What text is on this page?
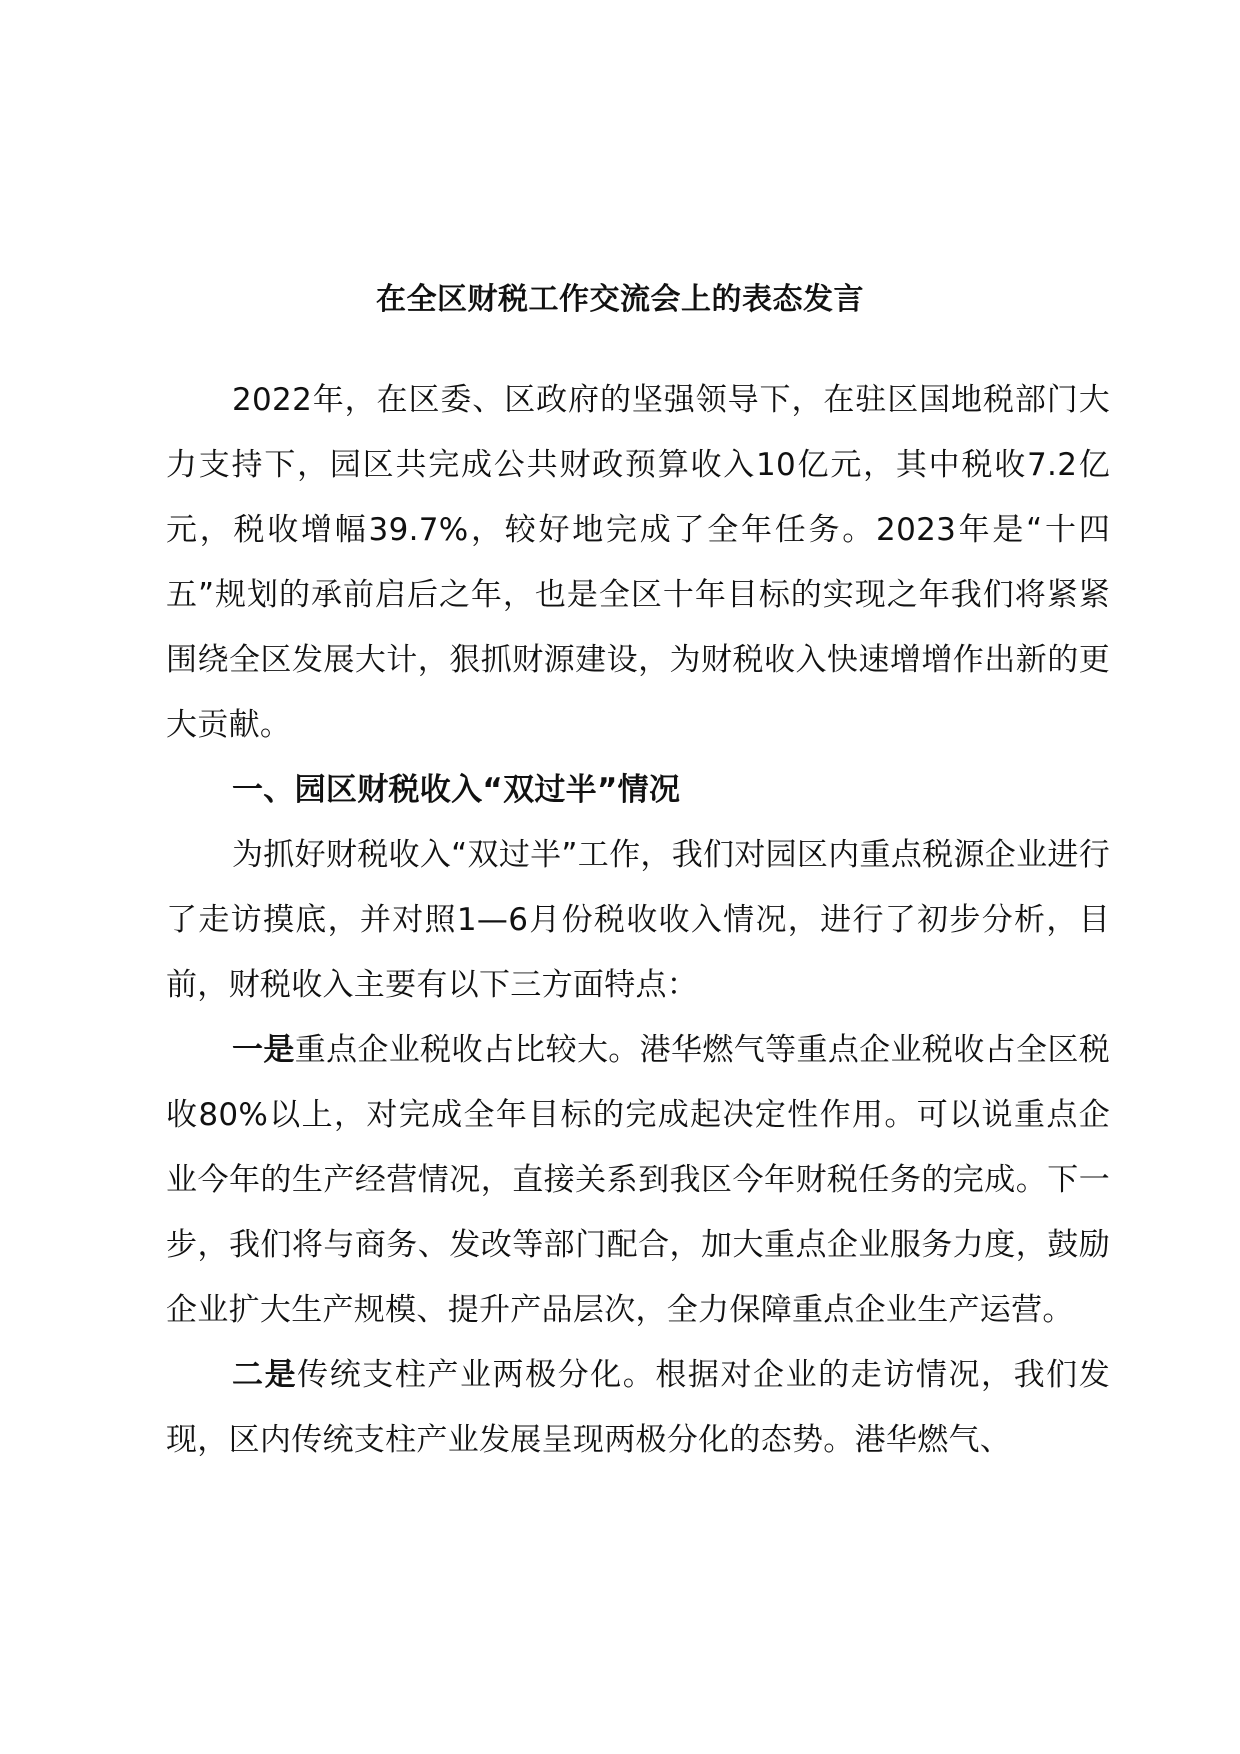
在全区财税工作交流会上的表态发言

2022年，在区委、区政府的坚强领导下，在驻区国地税部门大力支持下，园区共完成公共财政预算收入10亿元，其中税收7.2亿元，税收增幅39.7%，较好地完成了全年任务。2023年是“十四五”规划的承前启后之年，也是全区十年目标的实现之年我们将紧紧围绕全区发展大计，狠抓财源建设，为财税收入快速增增作出新的更大贡献。

一、园区财税收入“双过半”情况

为抓好财税收入“双过半”工作，我们对园区内重点税源企业进行了走访摸底，并对照1—6月份税收收入情况，进行了初步分析，目前，财税收入主要有以下三方面特点：

一是重点企业税收占比较大。港华燃气等重点企业税收占全区税收80%以上，对完成全年目标的完成起决定性作用。可以说重点企业今年的生产经营情况，直接关系到我区今年财税任务的完成。下一步，我们将与商务、发改等部门配合，加大重点企业服务力度，鼓励企业扩大生产规模、提升产品层次，全力保障重点企业生产运营。

二是传统支柱产业两极分化。根据对企业的走访情况，我们发现，区内传统支柱产业发展呈现两极分化的态势。港华燃气、
